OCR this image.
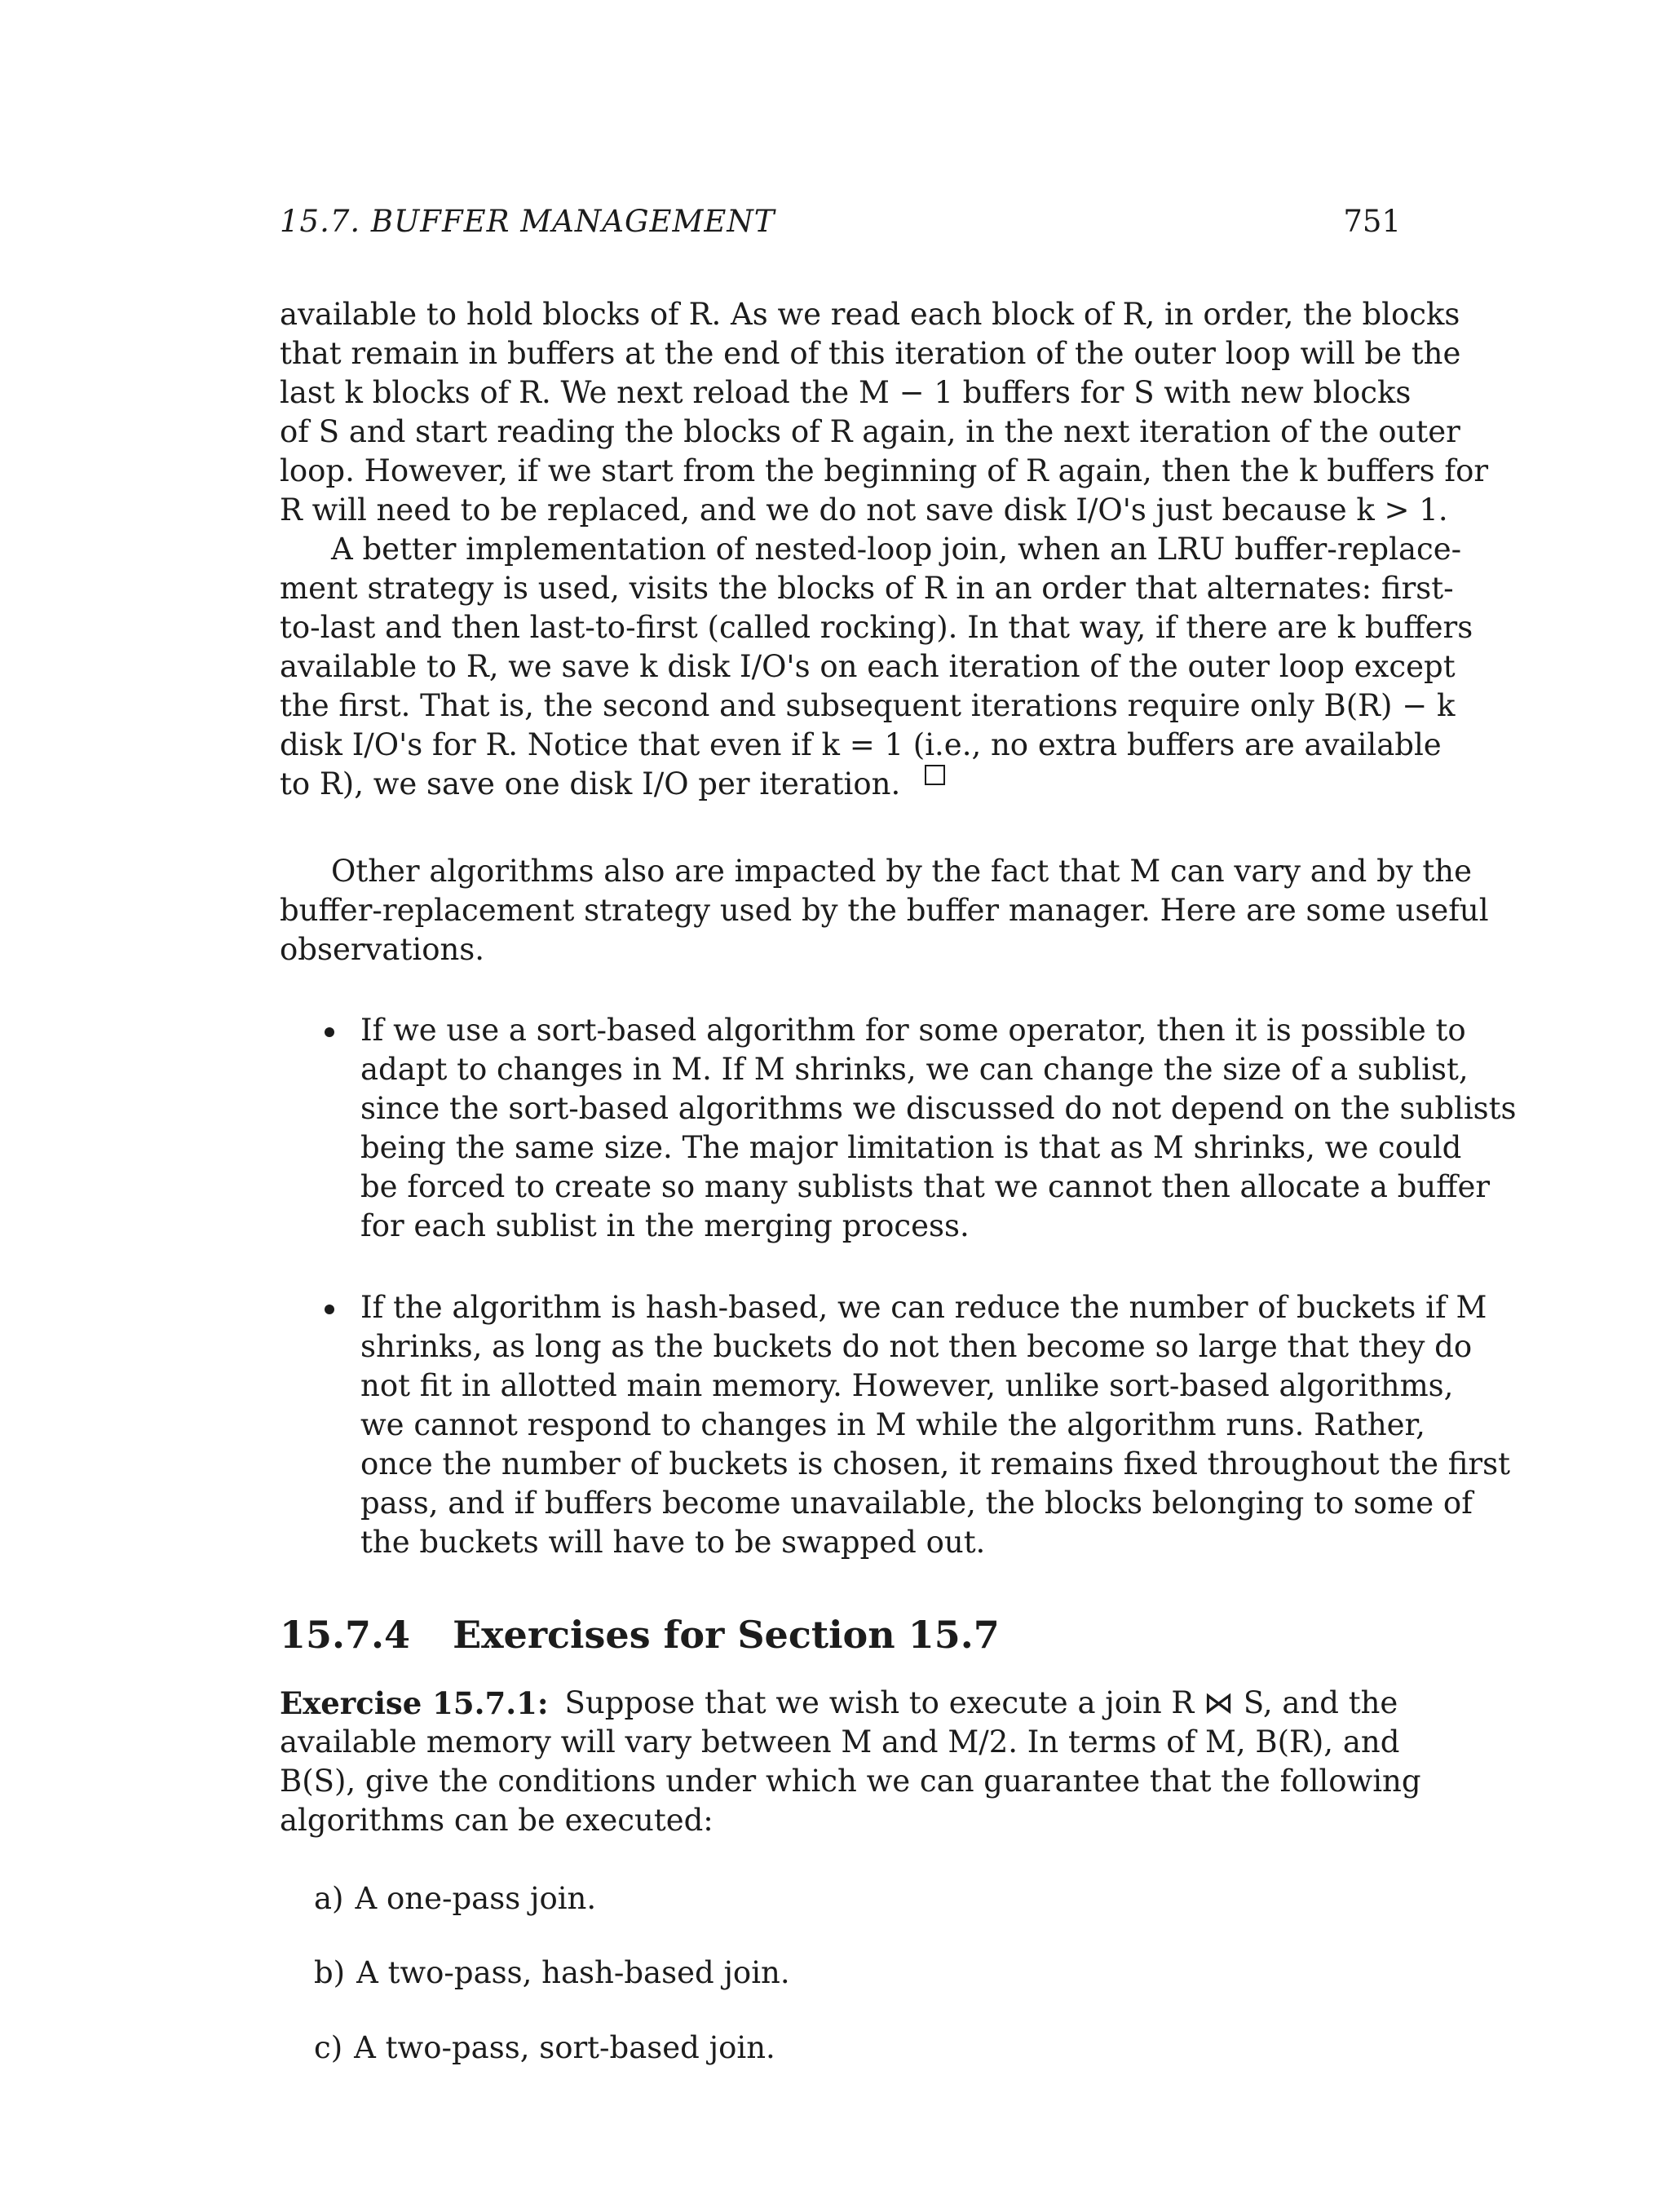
15.7. BUFFER MANAGEMENT	751
available to hold blocks of R. As we read each block of R, in order, the blocks
that remain in buffers at the end of this iteration of the outer loop will be the
last k blocks of R. We next reload the M − 1 buffers for S with new blocks
of S and start reading the blocks of R again, in the next iteration of the outer
loop. However, if we start from the beginning of R again, then the k buffers for
R will need to be replaced, and we do not save disk I/O's just because k > 1.
A better implementation of nested-loop join, when an LRU buffer-replace-
ment strategy is used, visits the blocks of R in an order that alternates: first-
to-last and then last-to-first (called rocking). In that way, if there are k buffers
available to R, we save k disk I/O's on each iteration of the outer loop except
the first. That is, the second and subsequent iterations require only B(R) − k
disk I/O's for R. Notice that even if k = 1 (i.e., no extra buffers are available
to R), we save one disk I/O per iteration.
Other algorithms also are impacted by the fact that M can vary and by the
buffer-replacement strategy used by the buffer manager. Here are some useful
observations.
If we use a sort-based algorithm for some operator, then it is possible to
adapt to changes in M. If M shrinks, we can change the size of a sublist,
since the sort-based algorithms we discussed do not depend on the sublists
being the same size. The major limitation is that as M shrinks, we could
be forced to create so many sublists that we cannot then allocate a buffer
for each sublist in the merging process.
If the algorithm is hash-based, we can reduce the number of buckets if M
shrinks, as long as the buckets do not then become so large that they do
not fit in allotted main memory. However, unlike sort-based algorithms,
we cannot respond to changes in M while the algorithm runs. Rather,
once the number of buckets is chosen, it remains fixed throughout the first
pass, and if buffers become unavailable, the blocks belonging to some of
the buckets will have to be swapped out.
15.7.4 Exercises for Section 15.7
Exercise 15.7.1: Suppose that we wish to execute a join R ⋈ S, and the
available memory will vary between M and M/2. In terms of M, B(R), and
B(S), give the conditions under which we can guarantee that the following
algorithms can be executed:
a) A one-pass join.
b) A two-pass, hash-based join.
c) A two-pass, sort-based join.
